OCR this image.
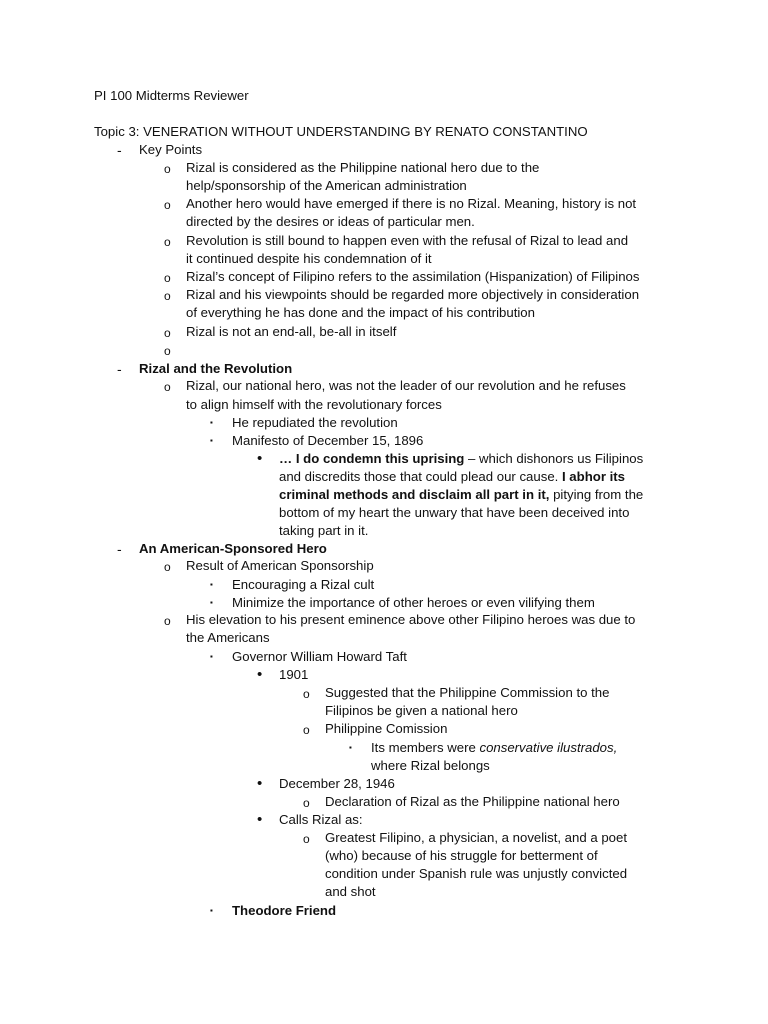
PI 100 Midterms Reviewer
Topic 3: VENERATION WITHOUT UNDERSTANDING BY RENATO CONSTANTINO
- Key Points
o Rizal is considered as the Philippine national hero due to the
help/sponsorship of the American administration
o Another hero would have emerged if there is no Rizal. Meaning, history is not
directed by the desires or ideas of particular men.
o Revolution is still bound to happen even with the refusal of Rizal to lead and
it continued despite his condemnation of it
o Rizal’s concept of Filipino refers to the assimilation (Hispanization) of Filipinos
o Rizal and his viewpoints should be regarded more objectively in consideration
of everything he has done and the impact of his contribution
o Rizal is not an end-all, be-all in itself
o
- Rizal and the Revolution
o Rizal, our national hero, was not the leader of our revolution and he refuses
to align himself with the revolutionary forces
▪ He repudiated the revolution
▪ Manifesto of December 15, 1896
• … I do condemn this uprising – which dishonors us Filipinos
and discredits those that could plead our cause. I abhor its
criminal methods and disclaim all part in it, pitying from the
bottom of my heart the unwary that have been deceived into
taking part in it.
- An American-Sponsored Hero
o Result of American Sponsorship
▪ Encouraging a Rizal cult
▪ Minimize the importance of other heroes or even vilifying them
o His elevation to his present eminence above other Filipino heroes was due to
the Americans
▪ Governor William Howard Taft
• 1901
o Suggested that the Philippine Commission to the
Filipinos be given a national hero
o Philippine Comission
▪ Its members were conservative ilustrados,
where Rizal belongs
• December 28, 1946
o Declaration of Rizal as the Philippine national hero
• Calls Rizal as:
o Greatest Filipino, a physician, a novelist, and a poet
(who) because of his struggle for betterment of
condition under Spanish rule was unjustly convicted
and shot
▪ Theodore Friend
